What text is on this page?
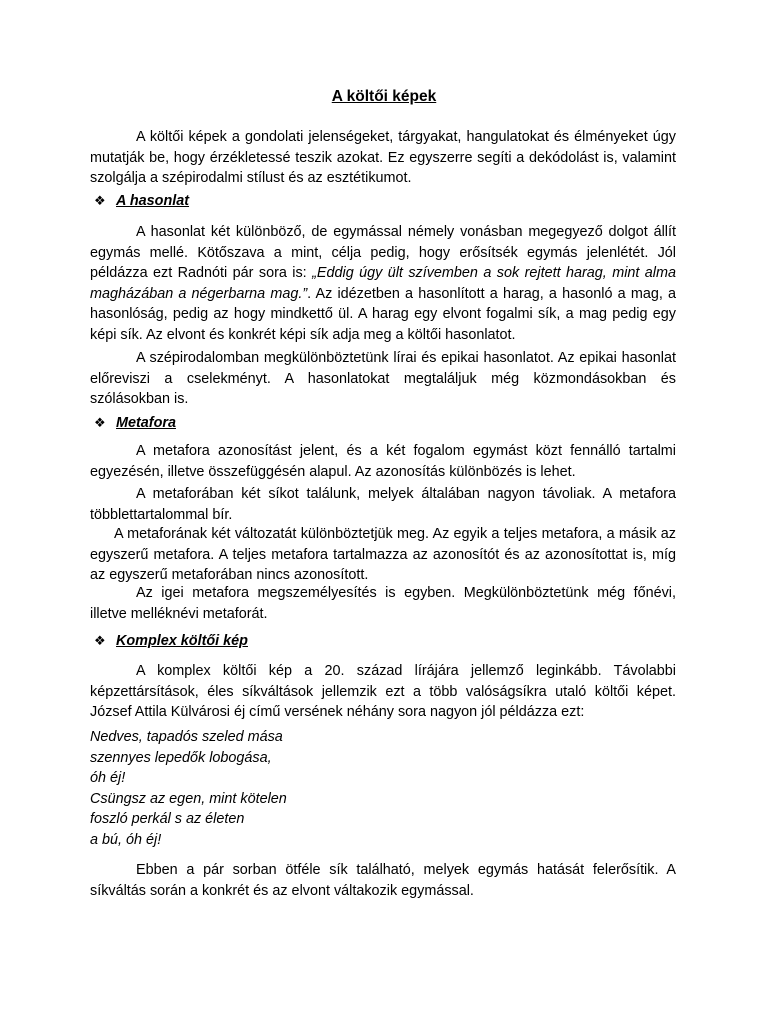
A költői képek

A költői képek a gondolati jelenségeket, tárgyakat, hangulatokat és élményeket úgy mutatják be, hogy érzékletessé teszik azokat. Ez egyszerre segíti a dekódolást is, valamint szolgálja a szépirodalmi stílust és az esztétikumot.

❖ A hasonlat

A hasonlat két különböző, de egymással némely vonásban megegyező dolgot állít egymás mellé. Kötőszava a mint, célja pedig, hogy erősítsék egymás jelenlétét. Jól példázza ezt Radnóti pár sora is: „Eddig úgy ült szívemben a sok rejtett harag, mint alma magházában a négerbarna mag.”. Az idézetben a hasonlított a harag, a hasonló a mag, a hasonlóság, pedig az hogy mindkettő ül. A harag egy elvont fogalmi sík, a mag pedig egy képi sík. Az elvont és konkrét képi sík adja meg a költői hasonlatot.

A szépirodalomban megkülönböztetünk lírai és epikai hasonlatot. Az epikai hasonlat előreviszi a cselekményt. A hasonlatokat megtaláljuk még közmondásokban és szólásokban is.

❖ Metafora

A metafora azonosítást jelent, és a két fogalom egymást közt fennálló tartalmi egyezésén, illetve összefüggésén alapul. Az azonosítás különbözés is lehet.

A metaforában két síkot találunk, melyek általában nagyon távoliak. A metafora többlettartalommal bír.

A metaforának két változatát különböztetjük meg. Az egyik a teljes metafora, a másik az egyszerű metafora. A teljes metafora tartalmazza az azonosítót és az azonosítottat is, míg az egyszerű metaforában nincs azonosított.

Az igei metafora megszemélyesítés is egyben. Megkülönböztetünk még főnévi, illetve melléknévi metaforát.

❖ Komplex költői kép

A komplex költői kép a 20. század lírájára jellemző leginkább. Távolabbi képzettársítások, éles síkváltások jellemzik ezt a több valóságsíkra utaló költői képet. József Attila Külvárosi éj című versének néhány sora nagyon jól példázza ezt:

Nedves, tapadós szeled mása
szennyes lepedők lobogása,
óh éj!
Csüngsz az egen, mint kötelen
foszló perkál s az életen
a bú, óh éj!

Ebben a pár sorban ötféle sík található, melyek egymás hatását felerősítik. A síkváltás során a konkrét és az elvont váltakozik egymással.
